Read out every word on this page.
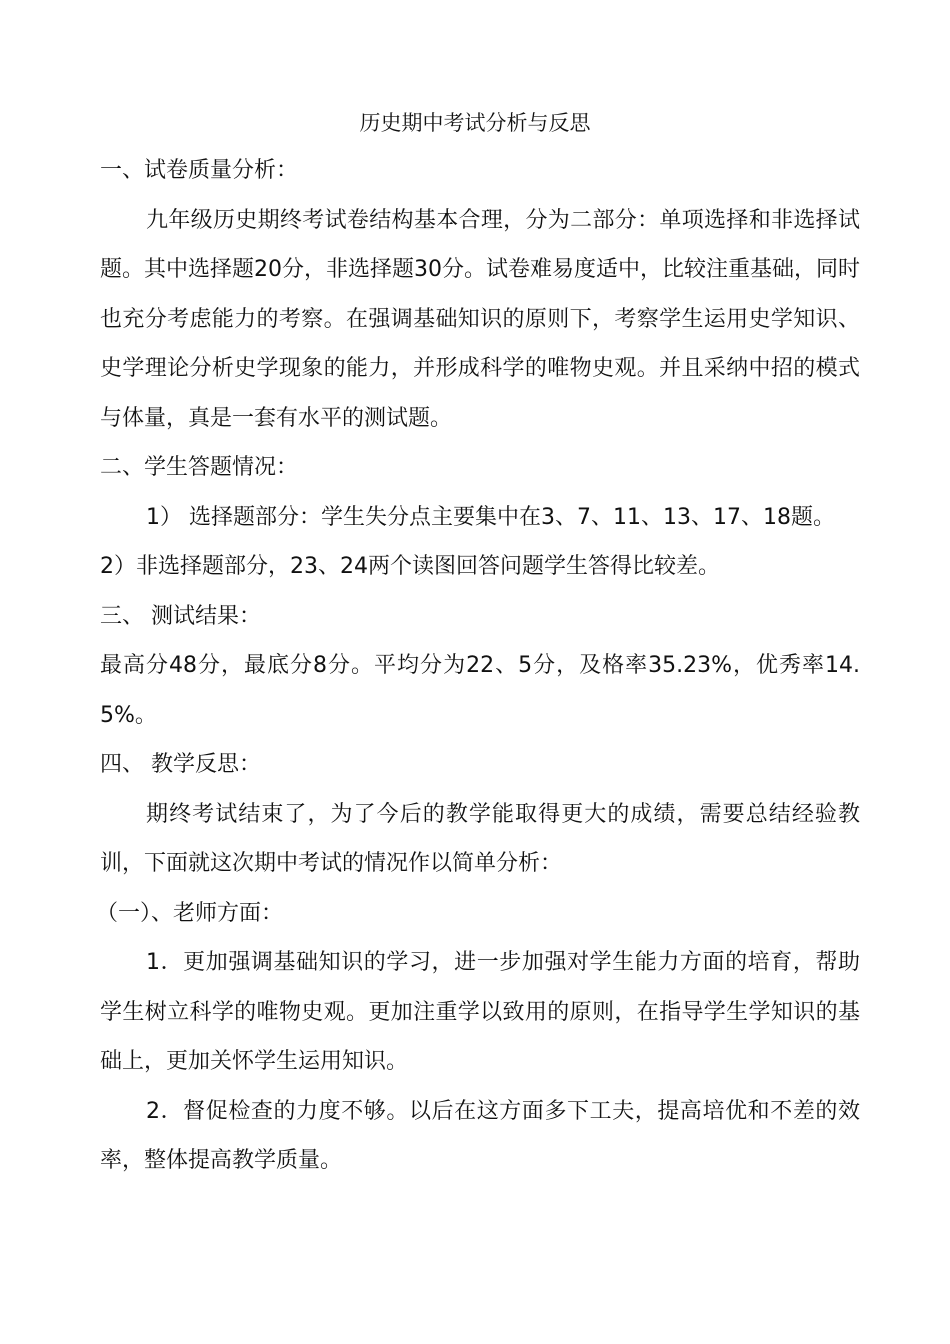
历史期中考试分析与反思

一、试卷质量分析：

九年级历史期终考试卷结构基本合理，分为二部分：单项选择和非选择试题。其中选择题20分，非选择题30分。试卷难易度适中，比较注重基础，同时也充分考虑能力的考察。在强调基础知识的原则下，考察学生运用史学知识、史学理论分析史学现象的能力，并形成科学的唯物史观。并且采纳中招的模式与体量，真是一套有水平的测试题。

二、学生答题情况：

1） 选择题部分：学生失分点主要集中在3、7、11、13、17、18题。

2）非选择题部分，23、24两个读图回答问题学生答得比较差。

三、 测试结果：

最高分48分，最底分8分。平均分为22、5分，及格率35.23%，优秀率14.5%。

四、 教学反思：

期终考试结束了，为了今后的教学能取得更大的成绩，需要总结经验教训，下面就这次期中考试的情况作以简单分析：

（一）、老师方面：

1．更加强调基础知识的学习，进一步加强对学生能力方面的培育，帮助学生树立科学的唯物史观。更加注重学以致用的原则，在指导学生学知识的基础上，更加关怀学生运用知识。

2．督促检查的力度不够。以后在这方面多下工夫，提高培优和不差的效率，整体提高教学质量。
